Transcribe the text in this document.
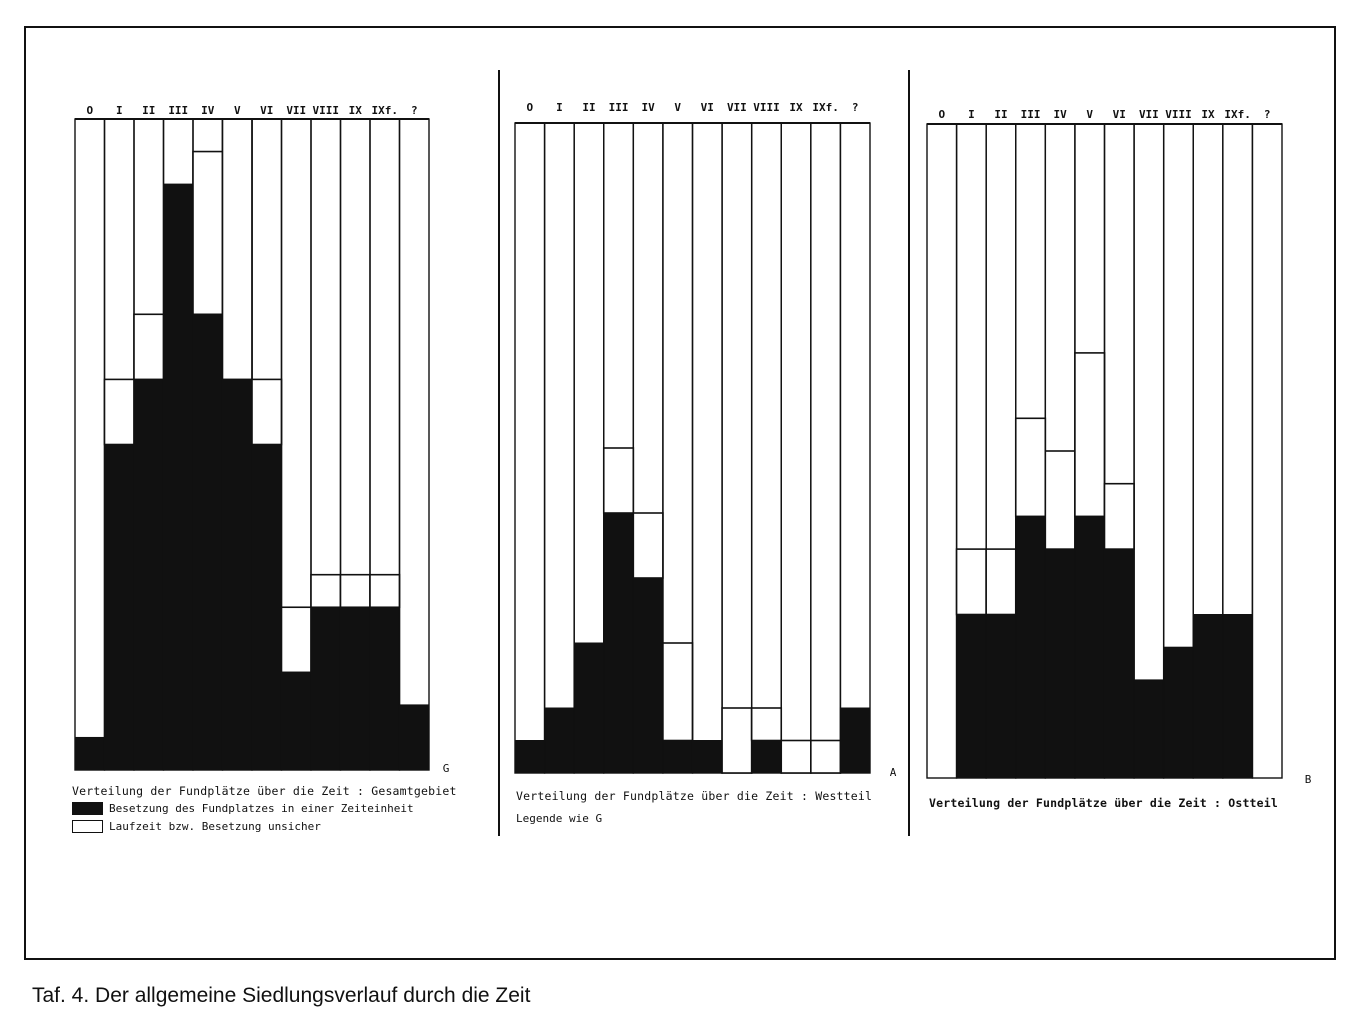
O I II III IV V VI VII VIII IX IXf. ?
G
O I II III IV V VI VII VIII IX IXf. ?
A
O I II III IV V VI VII VIII IX IXf. ?
B
Verteilung der Fundplätze über die Zeit : Gesamtgebiet
Besetzung des Fundplatzes in einer Zeiteinheit
Laufzeit bzw. Besetzung unsicher
Verteilung der Fundplätze über die Zeit : Westteil
Legende wie G
Verteilung der Fundplätze über die Zeit : Ostteil
Taf. 4. Der allgemeine Siedlungsverlauf durch die Zeit
